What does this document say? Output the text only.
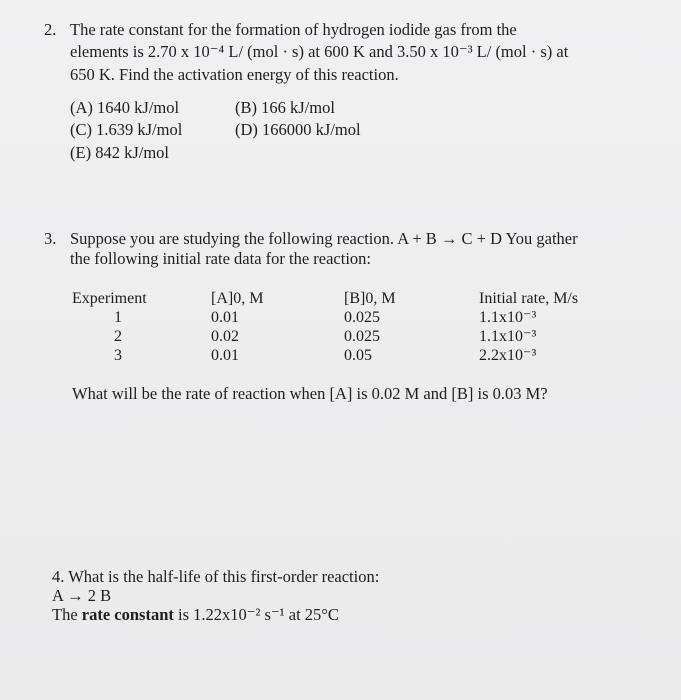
2. The rate constant for the formation of hydrogen iodide gas from the
elements is 2.70 x 10⁻⁴ L/ (mol · s) at 600 K and 3.50 x 10⁻³ L/ (mol · s) at
650 K. Find the activation energy of this reaction.
(A) 1640 kJ/mol	(B) 166 kJ/mol
(C) 1.639 kJ/mol	(D) 166000 kJ/mol
(E) 842 kJ/mol
3. Suppose you are studying the following reaction. A + B → C + D You gather
the following initial rate data for the reaction:
Experiment
1
2
3
[A]0, M
0.01
0.02
0.01
[B]0, M
0.025
0.025
0.05
Initial rate, M/s
1.1x10⁻³
1.1x10⁻³
2.2x10⁻³
What will be the rate of reaction when [A] is 0.02 M and [B] is 0.03 M?
4. What is the half-life of this first-order reaction:
A → 2 B
The rate constant is 1.22x10⁻² s⁻¹ at 25°C
